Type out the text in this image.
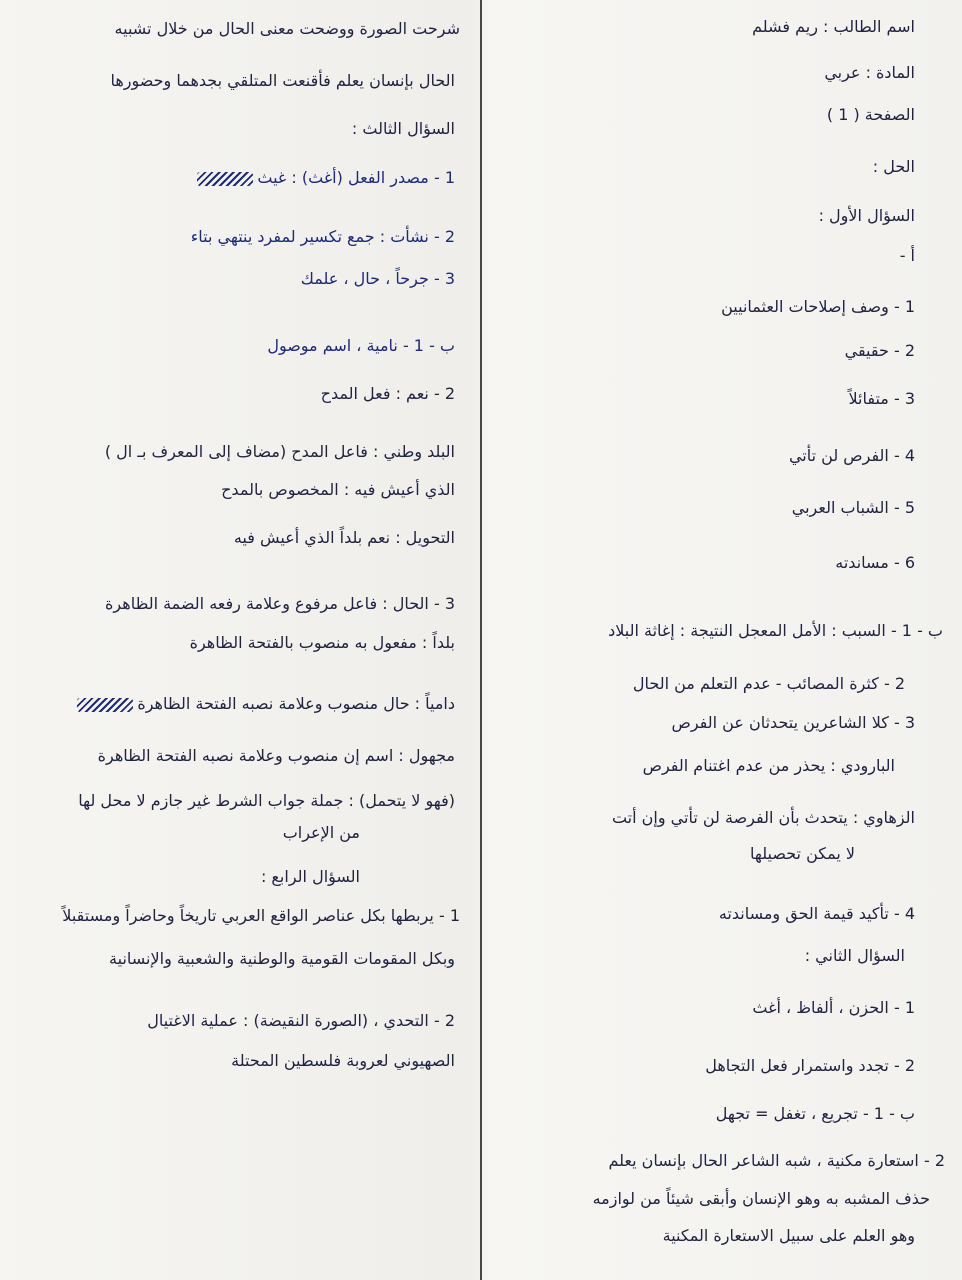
اسم الطالب : ريم فشلم
المادة : عربي
الصفحة ( 1 )
الحل :
السؤال الأول :
أ -
1 - وصف إصلاحات العثمانيين
2 - حقيقي
3 - متفائلاً
4 - الفرص لن تأتي
5 - الشباب العربي
6 - مساندته
ب - 1 - السبب : الأمل المعجل النتيجة : إغاثة البلاد
2 - كثرة المصائب - عدم التعلم من الحال
3 - كلا الشاعرين يتحدثان عن الفرص
البارودي : يحذر من عدم اغتنام الفرص
الزهاوي : يتحدث بأن الفرصة لن تأتي وإن أتت
لا يمكن تحصيلها
4 - تأكيد قيمة الحق ومساندته
السؤال الثاني :
1 - الحزن ، ألفاظ ، أغث
2 - تجدد واستمرار فعل التجاهل
ب - 1 - تجريع ، تغفل = تجهل
2 - استعارة مكنية ، شبه الشاعر الحال بإنسان يعلم
حذف المشبه به وهو الإنسان وأبقى شيئاً من لوازمه
وهو العلم على سبيل الاستعارة المكنية
شرحت الصورة ووضحت معنى الحال من خلال تشبيه
الحال بإنسان يعلم فأقنعت المتلقي بجدهما وحضورها
السؤال الثالث :
1 - مصدر الفعل (أغث) : غيث
2 - نشأت : جمع تكسير لمفرد ينتهي بتاء
3 - جرحاً ، حال ، علمك
ب - 1 - نامية ، اسم موصول
2 - نعم : فعل المدح
البلد وطني : فاعل المدح (مضاف إلى المعرف بـ ال )
الذي أعيش فيه : المخصوص بالمدح
التحويل : نعم بلداً الذي أعيش فيه
3 - الحال : فاعل مرفوع وعلامة رفعه الضمة الظاهرة
بلداً : مفعول به منصوب بالفتحة الظاهرة
دامياً : حال منصوب وعلامة نصبه الفتحة الظاهرة
مجهول : اسم إن منصوب وعلامة نصبه الفتحة الظاهرة
(فهو لا يتحمل) : جملة جواب الشرط غير جازم لا محل لها
من الإعراب
السؤال الرابع :
1 - يربطها بكل عناصر الواقع العربي تاريخاً وحاضراً ومستقبلاً
وبكل المقومات القومية والوطنية والشعبية والإنسانية
2 - التحدي ، (الصورة النقيضة) : عملية الاغتيال
الصهيوني لعروبة فلسطين المحتلة
